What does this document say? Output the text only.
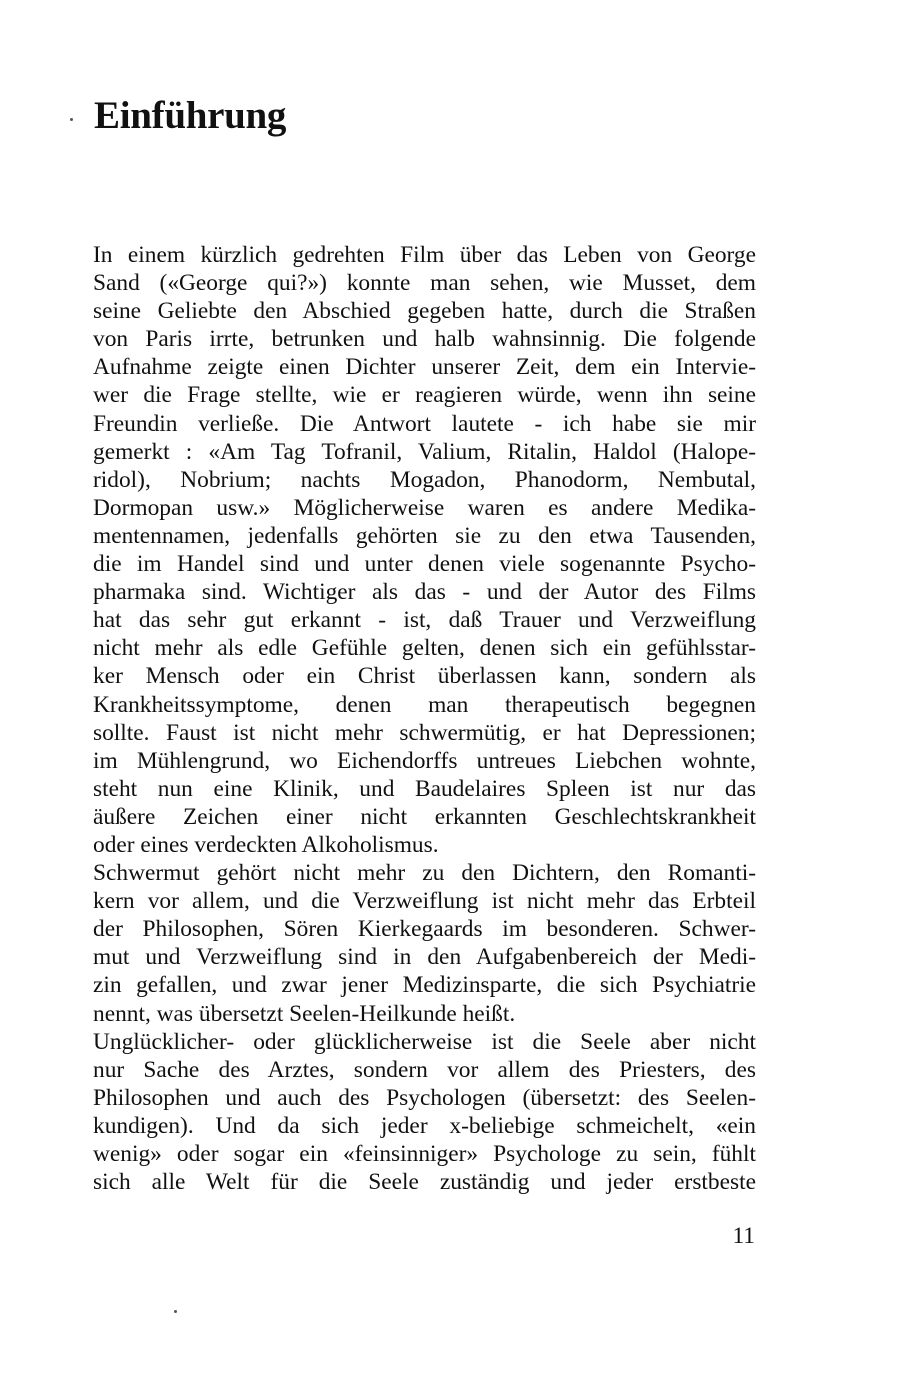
Einführung
In einem kürzlich gedrehten Film über das Leben von George
Sand («George qui?») konnte man sehen, wie Musset, dem
seine Geliebte den Abschied gegeben hatte, durch die Straßen
von Paris irrte, betrunken und halb wahnsinnig. Die folgende
Aufnahme zeigte einen Dichter unserer Zeit, dem ein Intervie-
wer die Frage stellte, wie er reagieren würde, wenn ihn seine
Freundin verließe. Die Antwort lautete - ich habe sie mir
gemerkt : «Am Tag Tofranil, Valium, Ritalin, Haldol (Halope-
ridol), Nobrium; nachts Mogadon, Phanodorm, Nembutal,
Dormopan usw.» Möglicherweise waren es andere Medika-
mentennamen, jedenfalls gehörten sie zu den etwa Tausenden,
die im Handel sind und unter denen viele sogenannte Psycho-
pharmaka sind. Wichtiger als das - und der Autor des Films
hat das sehr gut erkannt - ist, daß Trauer und Verzweiflung
nicht mehr als edle Gefühle gelten, denen sich ein gefühlsstar-
ker Mensch oder ein Christ überlassen kann, sondern als
Krankheitssymptome, denen man therapeutisch begegnen
sollte. Faust ist nicht mehr schwermütig, er hat Depressionen;
im Mühlengrund, wo Eichendorffs untreues Liebchen wohnte,
steht nun eine Klinik, und Baudelaires Spleen ist nur das
äußere Zeichen einer nicht erkannten Geschlechtskrankheit
oder eines verdeckten Alkoholismus.
Schwermut gehört nicht mehr zu den Dichtern, den Romanti-
kern vor allem, und die Verzweiflung ist nicht mehr das Erbteil
der Philosophen, Sören Kierkegaards im besonderen. Schwer-
mut und Verzweiflung sind in den Aufgabenbereich der Medi-
zin gefallen, und zwar jener Medizinsparte, die sich Psychiatrie
nennt, was übersetzt Seelen-Heilkunde heißt.
Unglücklicher- oder glücklicherweise ist die Seele aber nicht
nur Sache des Arztes, sondern vor allem des Priesters, des
Philosophen und auch des Psychologen (übersetzt: des Seelen-
kundigen). Und da sich jeder x-beliebige schmeichelt, «ein
wenig» oder sogar ein «feinsinniger» Psychologe zu sein, fühlt
sich alle Welt für die Seele zuständig und jeder erstbeste
11
